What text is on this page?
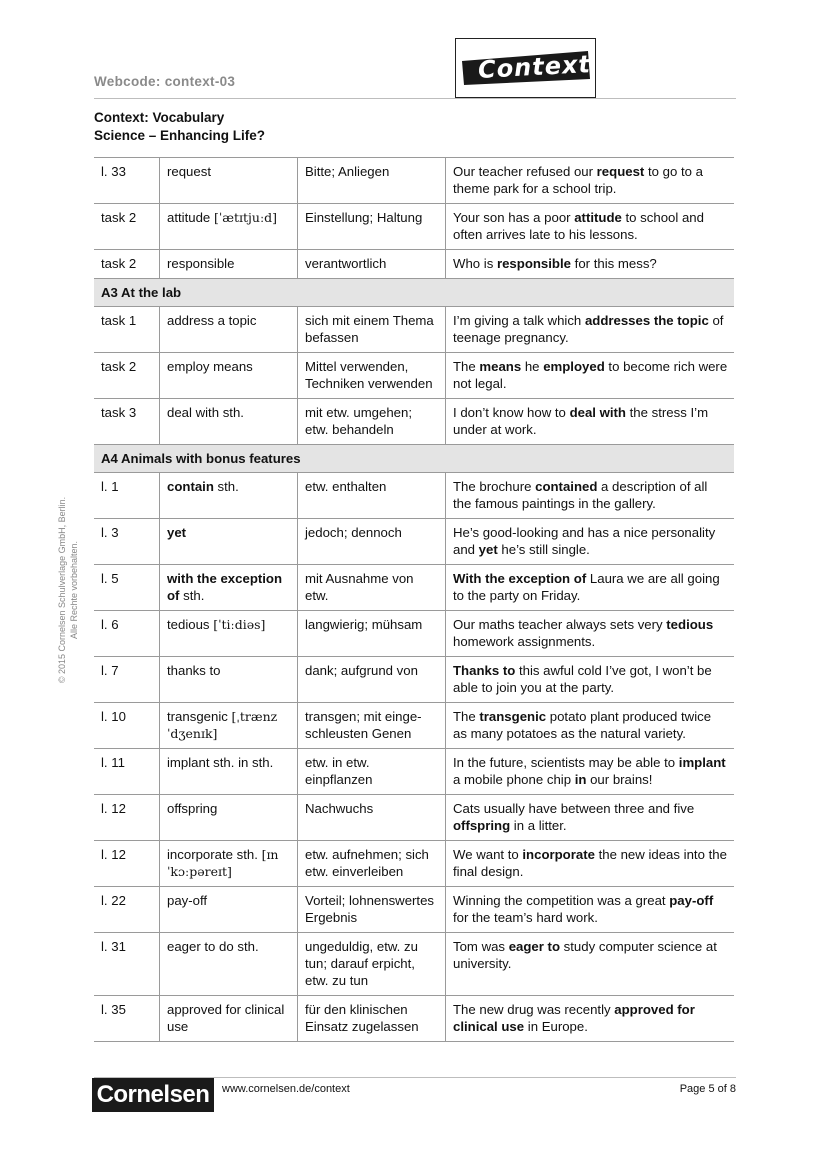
Webcode: context-03	Context
Context: Vocabulary
Science – Enhancing Life?
© 2015 Cornelsen Schulverlage GmbH, Berlin. Alle Rechte vorbehalten.
l. 33	request	Bitte; Anliegen	Our teacher refused our request to go to a theme park for a school trip.
task 2	attitude [ˈætɪtjuːd]	Einstellung; Haltung	Your son has a poor attitude to school and often arrives late to his lessons.
task 2	responsible	verantwortlich	Who is responsible for this mess?
A3 At the lab			
task 1	address a topic	sich mit einem Thema befassen	I’m giving a talk which addresses the topic of teenage pregnancy.
task 2	employ means	Mittel verwenden, Techniken verwenden	The means he employed to become rich were not legal.
task 3	deal with sth.	mit etw. umgehen; etw. behandeln	I don’t know how to deal with the stress I’m under at work.
A4 Animals with bonus features			
l. 1	contain sth.	etw. enthalten	The brochure contained a description of all the famous paintings in the gallery.
l. 3	yet	jedoch; dennoch	He’s good-looking and has a nice personality and yet he’s still single.
l. 5	with the exception of sth.	mit Ausnahme von etw.	With the exception of Laura we are all going to the party on Friday.
l. 6	tedious [ˈtiːdiəs]	langwierig; mühsam	Our maths teacher always sets very tedious homework assignments.
l. 7	thanks to	dank; aufgrund von	Thanks to this awful cold I’ve got, I won’t be able to join you at the party.
l. 10	transgenic [ˌtrænzˈdʒenɪk]	transgen; mit einge-schleusten Genen	The transgenic potato plant produced twice as many potatoes as the natural variety.
l. 11	implant sth. in sth.	etw. in etw. einpflanzen	In the future, scientists may be able to implant a mobile phone chip in our brains!
l. 12	offspring	Nachwuchs	Cats usually have between three and five offspring in a litter.
l. 12	incorporate sth. [ɪnˈkɔːpəreɪt]	etw. aufnehmen; sich etw. einverleiben	We want to incorporate the new ideas into the final design.
l. 22	pay-off	Vorteil; lohnenswertes Ergebnis	Winning the competition was a great pay-off for the team’s hard work.
l. 31	eager to do sth.	ungeduldig, etw. zu tun; darauf erpicht, etw. zu tun	Tom was eager to study computer science at university.
l. 35	approved for clinical use	für den klinischen Einsatz zugelassen	The new drug was recently approved for clinical use in Europe.
Cornelsen	www.cornelsen.de/context	Page 5 of 8
